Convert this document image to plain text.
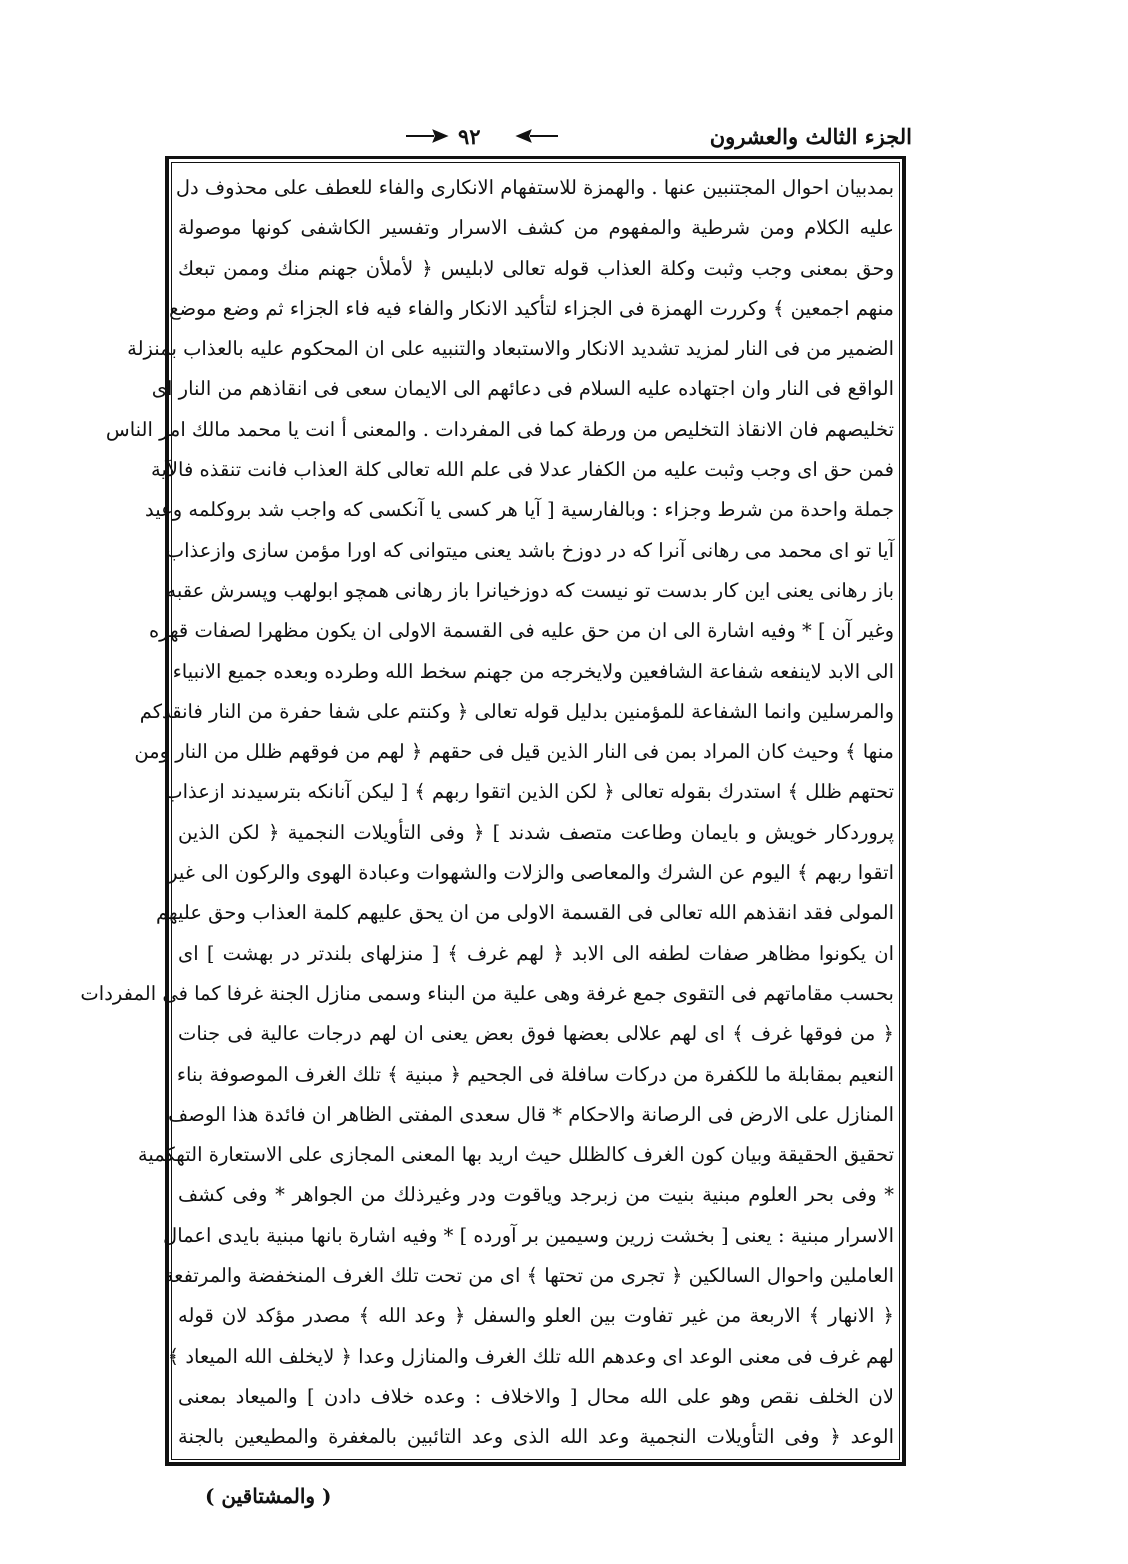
الجزء الثالث والعشرون
٩٢
بمدبيان احوال المجتنبين عنها . والهمزة للاستفهام الانكارى والفاء للعطف على محذوف دل
عليه الكلام ومن شرطية والمفهوم من كشف الاسرار وتفسير الكاشفى كونها موصولة
وحق بمعنى وجب وثبت وكلة العذاب قوله تعالى لابليس ﴿ لأملأن جهنم منك وممن تبعك
منهم اجمعين ﴾ وكررت الهمزة فى الجزاء لتأكيد الانكار والفاء فيه فاء الجزاء ثم وضع موضع
الضمير من فى النار لمزيد تشديد الانكار والاستبعاد والتنبيه على ان المحكوم عليه بالعذاب بمنزلة
الواقع فى النار وان اجتهاده عليه السلام فى دعائهم الى الايمان سعى فى انقاذهم من النار اى
تخليصهم فان الانقاذ التخليص من ورطة كما فى المفردات . والمعنى أ انت يا محمد مالك امر الناس
فمن حق اى وجب وثبت عليه من الكفار عدلا فى علم الله تعالى كلة العذاب فانت تنقذه فالآية
جملة واحدة من شرط وجزاء : وبالفارسية [ آيا هر كسى يا آنكسى كه واجب شد بروكلمه وعيد
آيا تو اى محمد مى رهانى آنرا كه در دوزخ باشد يعنى ميتوانى كه اورا مؤمن سازى وازعذاب
باز رهانى يعنى اين كار بدست تو نيست كه دوزخيانرا باز رهانى همچو ابولهب وپسرش عقبه
وغير آن ] * وفيه اشارة الى ان من حق عليه فى القسمة الاولى ان يكون مظهرا لصفات قهره
الى الابد لاينفعه شفاعة الشافعين ولايخرجه من جهنم سخط الله وطرده وبعده جميع الانبياء
والمرسلين وانما الشفاعة للمؤمنين بدليل قوله تعالى ﴿ وكنتم على شفا حفرة من النار فانقذكم
منها ﴾ وحيث كان المراد بمن فى النار الذين قيل فى حقهم ﴿ لهم من فوقهم ظلل من النار ومن
تحتهم ظلل ﴾ استدرك بقوله تعالى ﴿ لكن الذين اتقوا ربهم ﴾ [ ليكن آنانكه بترسيدند ازعذاب
پروردكار خويش و بايمان وطاعت متصف شدند ] ﴿ وفى التأويلات النجمية ﴿ لكن الذين
اتقوا ربهم ﴾ اليوم عن الشرك والمعاصى والزلات والشهوات وعبادة الهوى والركون الى غير
المولى فقد انقذهم الله تعالى فى القسمة الاولى من ان يحق عليهم كلمة العذاب وحق عليهم
ان يكونوا مظاهر صفات لطفه الى الابد ﴿ لهم غرف ﴾ [ منزلهاى بلندتر در بهشت ] اى
بحسب مقاماتهم فى التقوى جمع غرفة وهى علية من البناء وسمى منازل الجنة غرفا كما فى المفردات
﴿ من فوقها غرف ﴾ اى لهم علالى بعضها فوق بعض يعنى ان لهم درجات عالية فى جنات
النعيم بمقابلة ما للكفرة من دركات سافلة فى الجحيم ﴿ مبنية ﴾ تلك الغرف الموصوفة بناء
المنازل على الارض فى الرصانة والاحكام * قال سعدى المفتى الظاهر ان فائدة هذا الوصف
تحقيق الحقيقة وبيان كون الغرف كالظلل حيث اريد بها المعنى المجازى على الاستعارة التهكمية
* وفى بحر العلوم مبنية بنيت من زبرجد وياقوت ودر وغيرذلك من الجواهر * وفى كشف
الاسرار مبنية : يعنى [ بخشت زرين وسيمين بر آورده ] * وفيه اشارة بانها مبنية بايدى اعمال
العاملين واحوال السالكين ﴿ تجرى من تحتها ﴾ اى من تحت تلك الغرف المنخفضة والمرتفعة
﴿ الانهار ﴾ الاربعة من غير تفاوت بين العلو والسفل ﴿ وعد الله ﴾ مصدر مؤكد لان قوله
لهم غرف فى معنى الوعد اى وعدهم الله تلك الغرف والمنازل وعدا ﴿ لايخلف الله الميعاد ﴾
لان الخلف نقص وهو على الله محال [ والاخلاف : وعده خلاف دادن ] والميعاد بمعنى
الوعد ﴿ وفى التأويلات النجمية وعد الله الذى وعد التائبين بالمغفرة والمطيعين بالجنة
( والمشتاقين )
